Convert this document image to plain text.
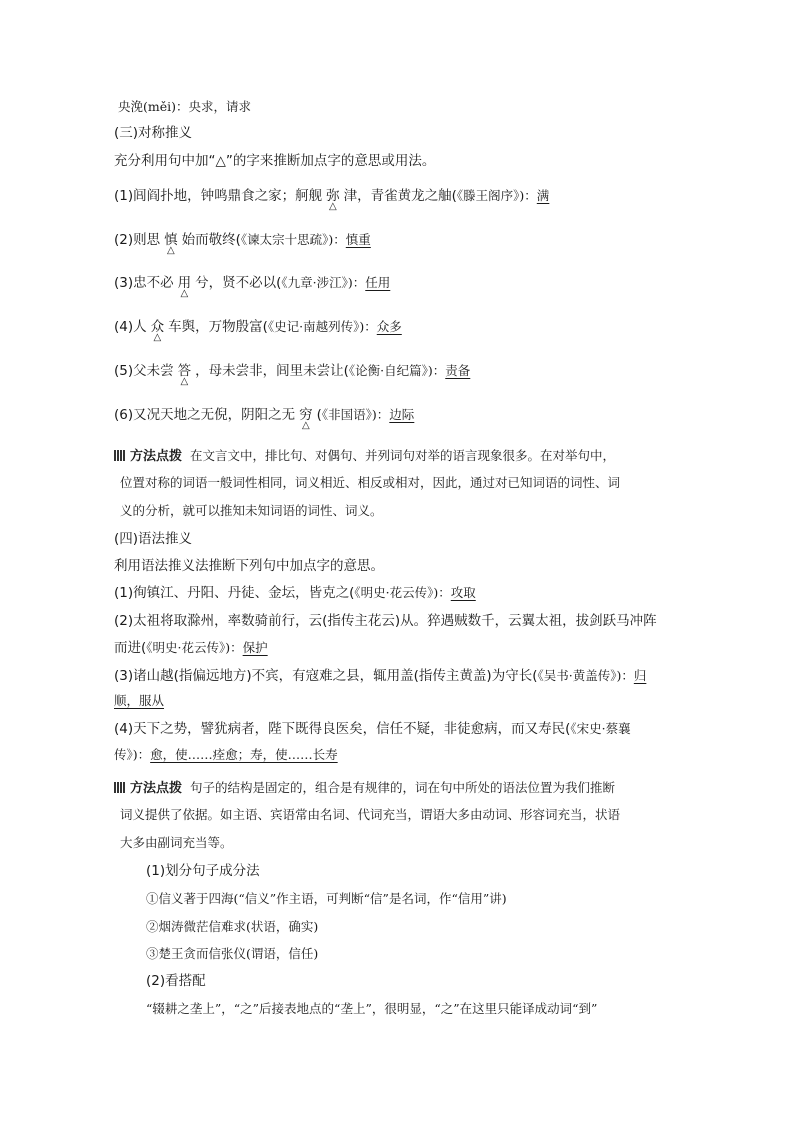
央浼(měi)：央求，请求
(三)对称推义
充分利用句中加“△”的字来推断加点字的意思或用法。
(1)闾阎扑地，钟鸣鼎食之家；舸舰 弥 △ 津，青雀黄龙之舳(《滕王阁序》)：满
(2)则思 慎 △ 始而敬终(《谏太宗十思疏》)：慎重
(3)忠不必 用 △ 兮，贤不必以(《九章·涉江》)：任用
(4)人 众 △ 车舆，万物殷富(《史记·南越列传》)：众多
(5)父未尝 答 △ ，母未尝非，闾里未尝让(《论衡·自纪篇》)：责备
(6)又况天地之无倪，阴阳之无 穷 △ (《非国语》)：边际
方法点拨 在文言文中，排比句、对偶句、并列词句对举的语言现象很多。在对举句中，
位置对称的词语一般词性相同，词义相近、相反或相对，因此，通过对已知词语的词性、词
义的分析，就可以推知未知词语的词性、词义。
(四)语法推义
利用语法推义法推断下列句中加点字的意思。
(1)徇镇江、丹阳、丹徒、金坛，皆克之(《明史·花云传》)：攻取
(2)太祖将取滁州，率数骑前行，云(指传主花云)从。猝遇贼数千，云翼太祖，拔剑跃马冲阵
而进(《明史·花云传》)：保护
(3)诸山越(指偏远地方)不宾，有寇难之县，辄用盖(指传主黄盖)为守长(《吴书·黄盖传》)：归
顺，服从
(4)天下之势，譬犹病者，陛下既得良医矣，信任不疑，非徒愈病，而又寿民(《宋史·蔡襄
传》)：愈，使……痊愈；寿，使……长寿
方法点拨 句子的结构是固定的，组合是有规律的，词在句中所处的语法位置为我们推断
词义提供了依据。如主语、宾语常由名词、代词充当，谓语大多由动词、形容词充当，状语
大多由副词充当等。
(1)划分句子成分法
①信义著于四海(“信义”作主语，可判断“信”是名词，作“信用”讲)
②烟涛微茫信难求(状语，确实)
③楚王贪而信张仪(谓语，信任)
(2)看搭配
“辍耕之垄上”，“之”后接表地点的“垄上”，很明显，“之”在这里只能译成动词“到”
